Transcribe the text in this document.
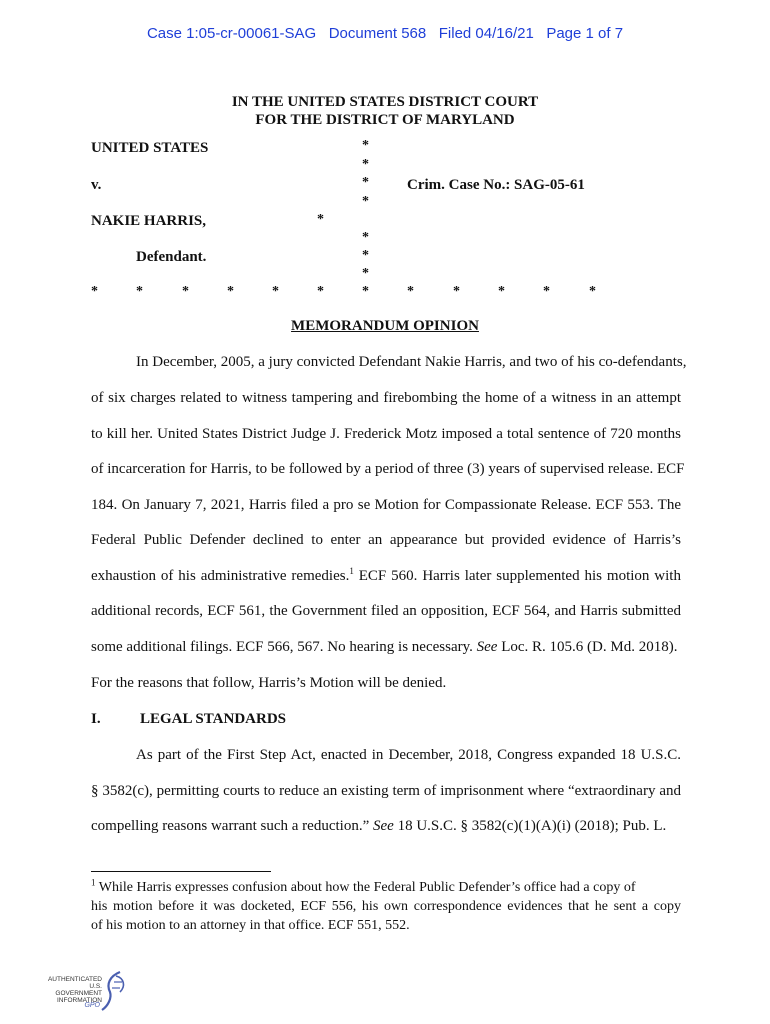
Case 1:05-cr-00061-SAG   Document 568   Filed 04/16/21   Page 1 of 7
IN THE UNITED STATES DISTRICT COURT
FOR THE DISTRICT OF MARYLAND
UNITED STATES
v.
NAKIE HARRIS,
Defendant.
Crim. Case No.: SAG-05-61
*
*
*
*
*
*
*
*
*	*	*	*	*	*	*	*	*	*	*	*
MEMORANDUM OPINION
In December, 2005, a jury convicted Defendant Nakie Harris, and two of his co-defendants,
of six charges related to witness tampering and firebombing the home of a witness in an attempt
to kill her. United States District Judge J. Frederick Motz imposed a total sentence of 720 months
of incarceration for Harris, to be followed by a period of three (3) years of supervised release. ECF
184. On January 7, 2021, Harris filed a pro se Motion for Compassionate Release. ECF 553. The
Federal Public Defender declined to enter an appearance but provided evidence of Harris’s
exhaustion of his administrative remedies.$^1$ ECF 560. Harris later supplemented his motion with
additional records, ECF 561, the Government filed an opposition, ECF 564, and Harris submitted
some additional filings. ECF 566, 567. No hearing is necessary. See Loc. R. 105.6 (D. Md. 2018).
For the reasons that follow, Harris’s Motion will be denied.
I.	LEGAL STANDARDS
As part of the First Step Act, enacted in December, 2018, Congress expanded 18 U.S.C.
§ 3582(c), permitting courts to reduce an existing term of imprisonment where “extraordinary and
compelling reasons warrant such a reduction.” See 18 U.S.C. § 3582(c)(1)(A)(i) (2018); Pub. L.
$^1$ While Harris expresses confusion about how the Federal Public Defender’s office had a copy of
his motion before it was docketed, ECF 556, his own correspondence evidences that he sent a copy
of his motion to an attorney in that office. ECF 551, 552.
AUTHENTICATED
U.S. GOVERNMENT
INFORMATION
GPO
